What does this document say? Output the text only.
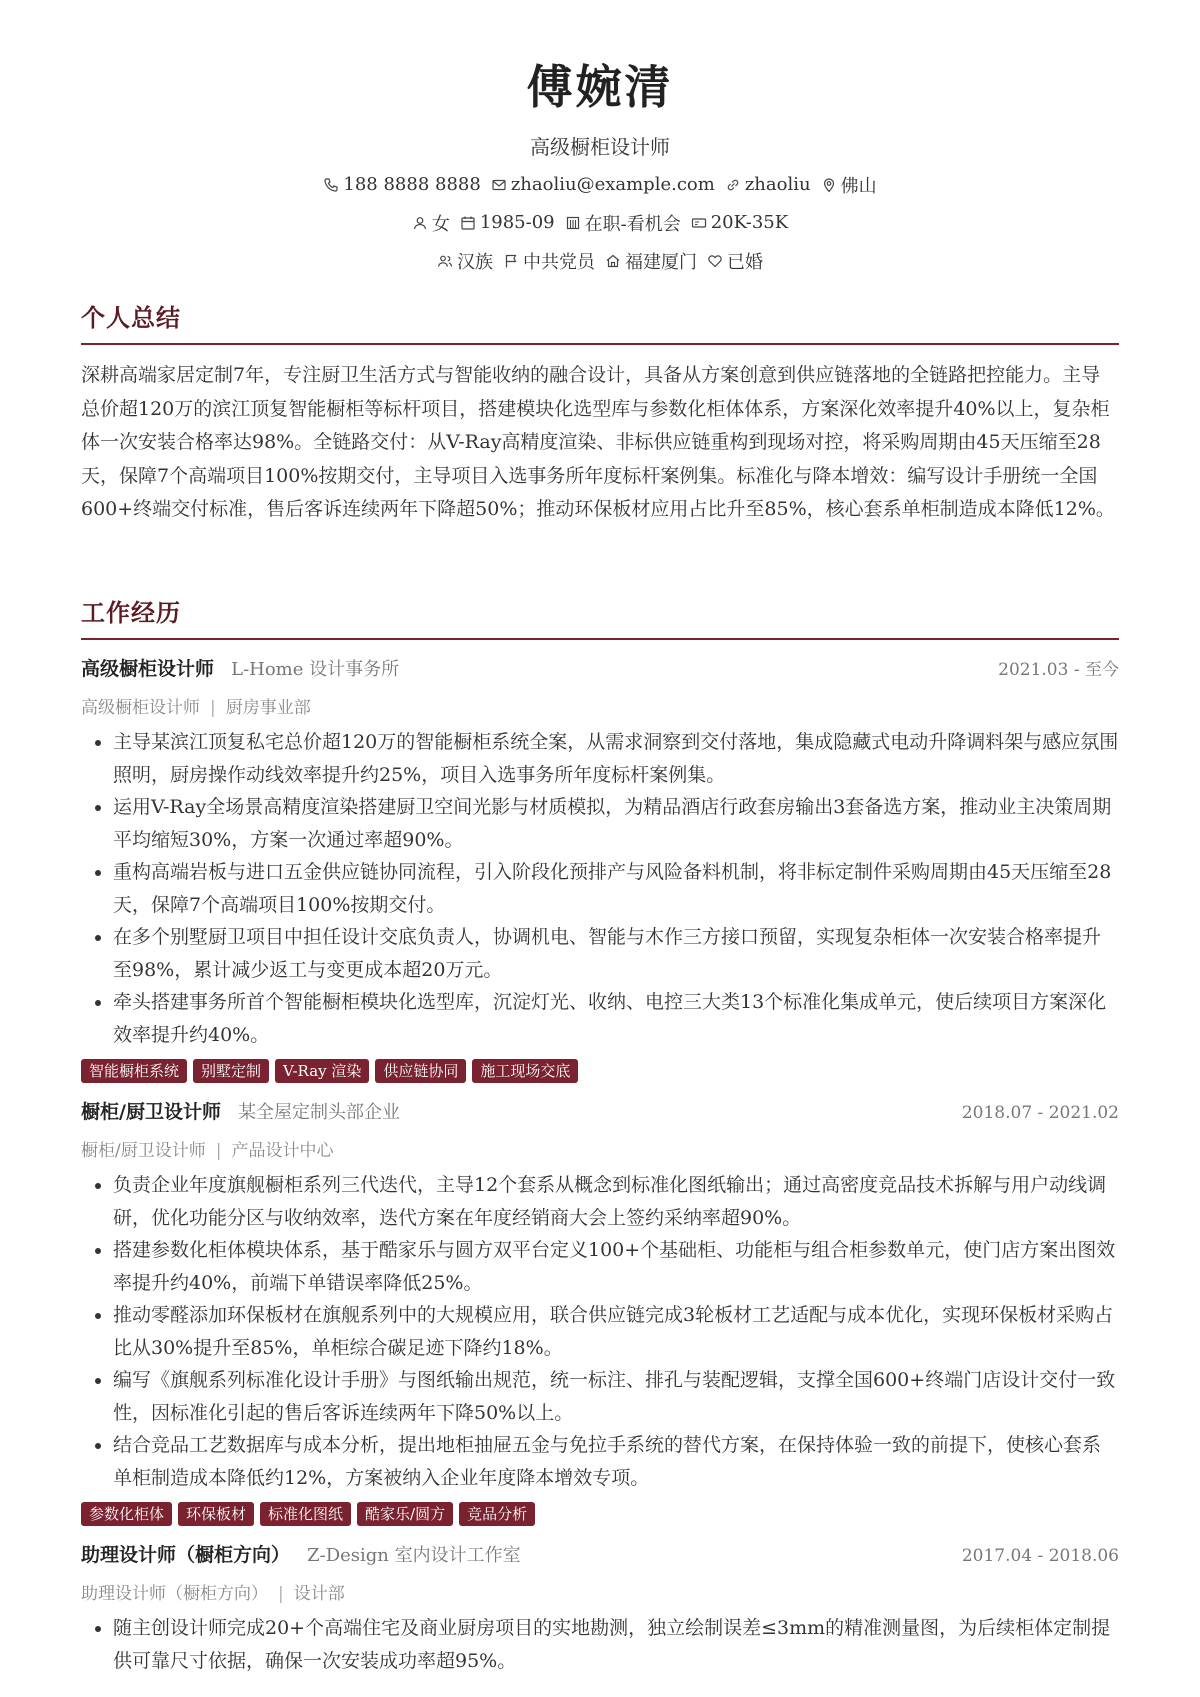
傅婉清
高级橱柜设计师
188 8888 8888 zhaoliu@example.com zhaoliu 佛山
女 1985-09 在职-看机会 20K-35K
汉族 中共党员 福建厦门 已婚
个人总结
深耕高端家居定制7年，专注厨卫生活方式与智能收纳的融合设计，具备从方案创意到供应链落地的全链路把控能力。主导总价超120万的滨江顶复智能橱柜等标杆项目，搭建模块化选型库与参数化柜体体系，方案深化效率提升40%以上，复杂柜体一次安装合格率达98%。全链路交付：从V-Ray高精度渲染、非标供应链重构到现场对控，将采购周期由45天压缩至28天，保障7个高端项目100%按期交付，主导项目入选事务所年度标杆案例集。标准化与降本增效：编写设计手册统一全国600+终端交付标准，售后客诉连续两年下降超50%；推动环保板材应用占比升至85%，核心套系单柜制造成本降低12%。
工作经历
高级橱柜设计师 L-Home 设计事务所	2021.03 - 至今
高级橱柜设计师 | 厨房事业部
• 主导某滨江顶复私宅总价超120万的智能橱柜系统全案，从需求洞察到交付落地，集成隐藏式电动升降调料架与感应氛围照明，厨房操作动线效率提升约25%，项目入选事务所年度标杆案例集。
• 运用V-Ray全场景高精度渲染搭建厨卫空间光影与材质模拟，为精品酒店行政套房输出3套备选方案，推动业主决策周期平均缩短30%，方案一次通过率超90%。
• 重构高端岩板与进口五金供应链协同流程，引入阶段化预排产与风险备料机制，将非标定制件采购周期由45天压缩至28天，保障7个高端项目100%按期交付。
• 在多个别墅厨卫项目中担任设计交底负责人，协调机电、智能与木作三方接口预留，实现复杂柜体一次安装合格率提升至98%，累计减少返工与变更成本超20万元。
• 牵头搭建事务所首个智能橱柜模块化选型库，沉淀灯光、收纳、电控三大类13个标准化集成单元，使后续项目方案深化效率提升约40%。
智能橱柜系统	别墅定制	V-Ray 渲染	供应链协同	施工现场交底
橱柜/厨卫设计师 某全屋定制头部企业	2018.07 - 2021.02
橱柜/厨卫设计师 | 产品设计中心
• 负责企业年度旗舰橱柜系列三代迭代，主导12个套系从概念到标准化图纸输出；通过高密度竞品技术拆解与用户动线调研，优化功能分区与收纳效率，迭代方案在年度经销商大会上签约采纳率超90%。
• 搭建参数化柜体模块体系，基于酷家乐与圆方双平台定义100+个基础柜、功能柜与组合柜参数单元，使门店方案出图效率提升约40%，前端下单错误率降低25%。
• 推动零醛添加环保板材在旗舰系列中的大规模应用，联合供应链完成3轮板材工艺适配与成本优化，实现环保板材采购占比从30%提升至85%，单柜综合碳足迹下降约18%。
• 编写《旗舰系列标准化设计手册》与图纸输出规范，统一标注、排孔与装配逻辑，支撑全国600+终端门店设计交付一致性，因标准化引起的售后客诉连续两年下降50%以上。
• 结合竞品工艺数据库与成本分析，提出地柜抽屉五金与免拉手系统的替代方案，在保持体验一致的前提下，使核心套系单柜制造成本降低约12%，方案被纳入企业年度降本增效专项。
参数化柜体	环保板材	标准化图纸	酷家乐/圆方	竞品分析
助理设计师（橱柜方向） Z-Design 室内设计工作室	2017.04 - 2018.06
助理设计师（橱柜方向） | 设计部
• 随主创设计师完成20+个高端住宅及商业厨房项目的实地勘测，独立绘制误差≤3mm的精准测量图，为后续柜体定制提供可靠尺寸依据，确保一次安装成功率超95%。
